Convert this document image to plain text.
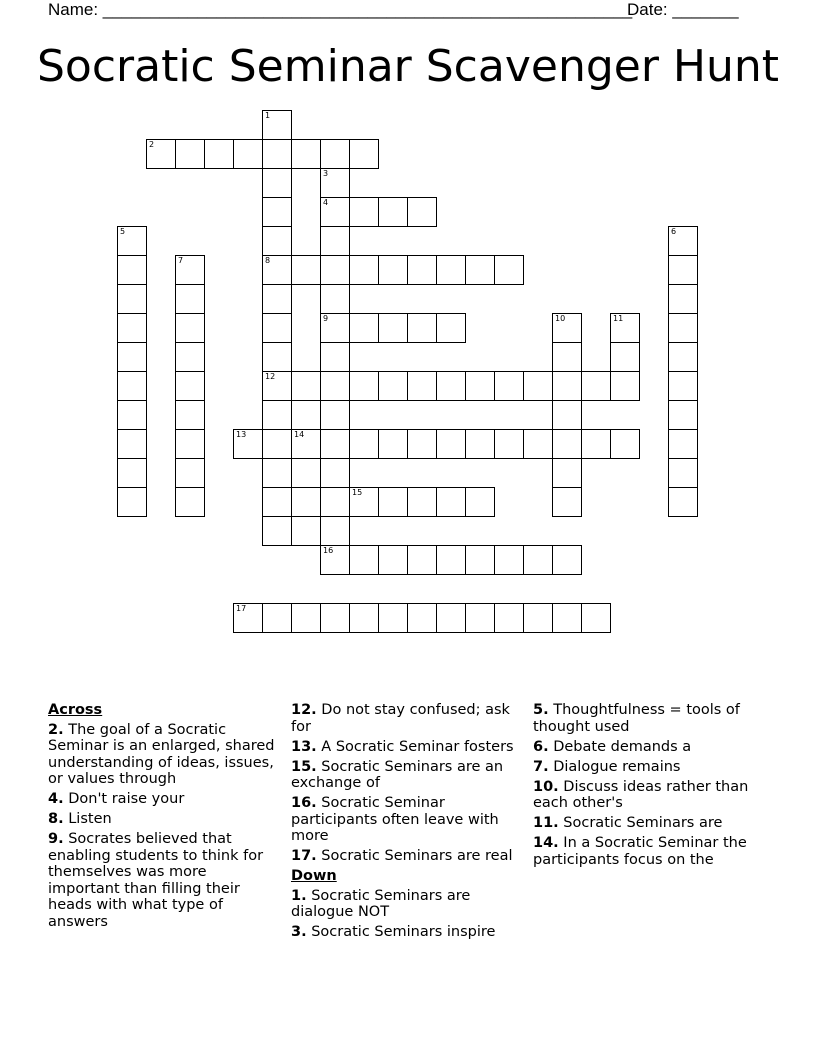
Name: ________________________________________________________
Date: _______
Socratic Seminar Scavenger Hunt
1
8
12
2
3
4
9
5	6
7
10	11
13	14
15
16
17
Across
2. The goal of a Socratic Seminar is an enlarged, shared understanding of ideas, issues, or values through
4. Don't raise your
8. Listen
9. Socrates believed that enabling students to think for themselves was more important than filling their heads with what type of answers
12. Do not stay confused; ask for
13. A Socratic Seminar fosters
15. Socratic Seminars are an exchange of
16. Socratic Seminar participants often leave with more
17. Socratic Seminars are real
Down
1. Socratic Seminars are dialogue NOT
3. Socratic Seminars inspire
5. Thoughtfulness = tools of thought used
6. Debate demands a
7. Dialogue remains
10. Discuss ideas rather than each other's
11. Socratic Seminars are
14. In a Socratic Seminar the participants focus on the
